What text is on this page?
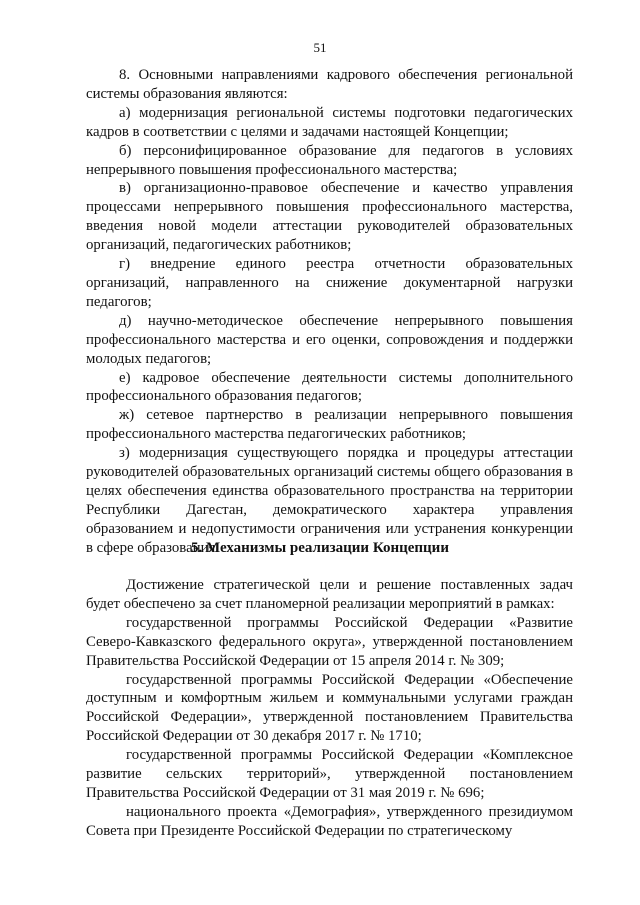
51

8. Основными направлениями кадрового обеспечения региональной системы образования являются:

а) модернизация региональной системы подготовки педагогических кадров в соответствии с целями и задачами настоящей Концепции;

б) персонифицированное образование для педагогов в условиях непрерывного повышения профессионального мастерства;

в) организационно-правовое обеспечение и качество управления процессами непрерывного повышения профессионального мастерства, введения новой модели аттестации руководителей образовательных организаций, педагогических работников;

г) внедрение единого реестра отчетности образовательных организаций, направленного на снижение документарной нагрузки педагогов;

д) научно-методическое обеспечение непрерывного повышения профессионального мастерства и его оценки, сопровождения и поддержки молодых педагогов;

е) кадровое обеспечение деятельности системы дополнительного профессионального образования педагогов;

ж) сетевое партнерство в реализации непрерывного повышения профессионального мастерства педагогических работников;

з) модернизация существующего порядка и процедуры аттестации руководителей образовательных организаций системы общего образования в целях обеспечения единства образовательного пространства на территории Республики Дагестан, демократического характера управления образованием и недопустимости ограничения или устранения конкуренции в сфере образования.

5. Механизмы реализации Концепции

Достижение стратегической цели и решение поставленных задач будет обеспечено за счет планомерной реализации мероприятий в рамках:

государственной программы Российской Федерации «Развитие Северо-Кавказского федерального округа», утвержденной постановлением Правительства Российской Федерации от 15 апреля 2014 г. № 309;

государственной программы Российской Федерации «Обеспечение доступным и комфортным жильем и коммунальными услугами граждан Российской Федерации», утвержденной постановлением Правительства Российской Федерации от 30 декабря 2017 г. № 1710;

государственной программы Российской Федерации «Комплексное развитие сельских территорий», утвержденной постановлением Правительства Российской Федерации от 31 мая 2019 г. № 696;

национального проекта «Демография», утвержденного президиумом Совета при Президенте Российской Федерации по стратегическому
